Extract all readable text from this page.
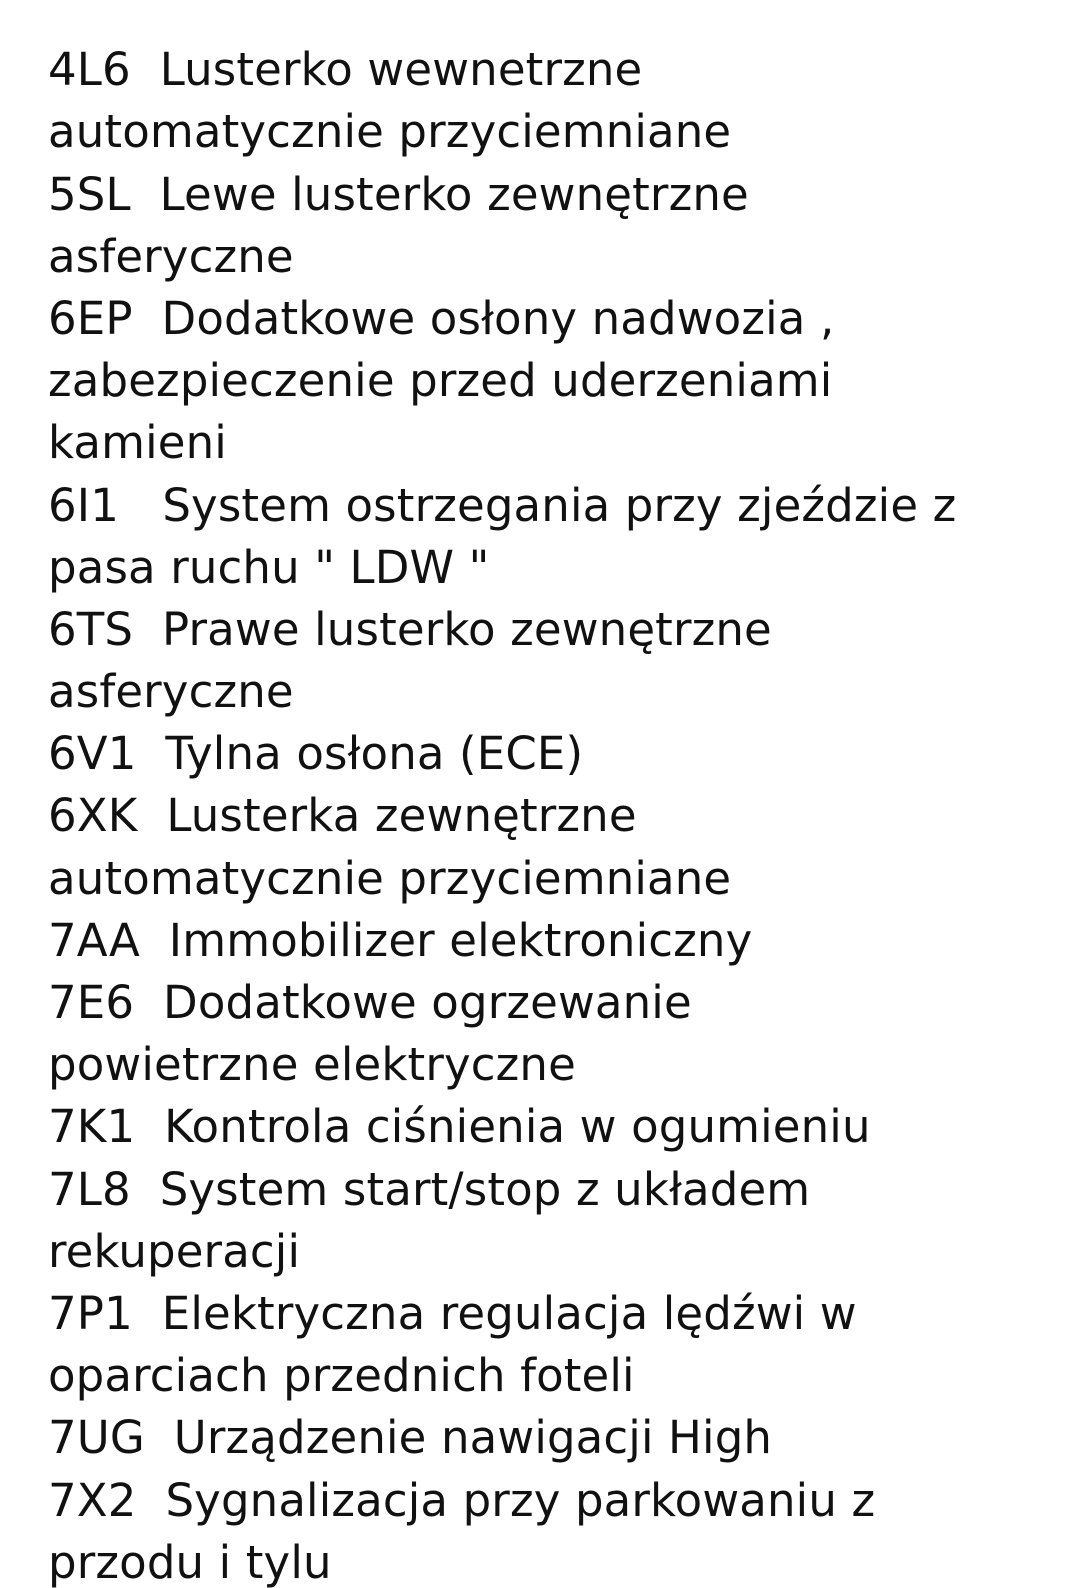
4L6  Lusterko wewnetrzne
automatycznie przyciemniane
5SL  Lewe lusterko zewnętrzne
asferyczne
6EP  Dodatkowe osłony nadwozia ,
zabezpieczenie przed uderzeniami
kamieni
6I1   System ostrzegania przy zjeździe z
pasa ruchu " LDW "
6TS  Prawe lusterko zewnętrzne
asferyczne
6V1  Tylna osłona (ECE)
6XK  Lusterka zewnętrzne
automatycznie przyciemniane
7AA  Immobilizer elektroniczny
7E6  Dodatkowe ogrzewanie
powietrzne elektryczne
7K1  Kontrola ciśnienia w ogumieniu
7L8  System start/stop z układem
rekuperacji
7P1  Elektryczna regulacja lędźwi w
oparciach przednich foteli
7UG  Urządzenie nawigacji High
7X2  Sygnalizacja przy parkowaniu z
przodu i tylu
